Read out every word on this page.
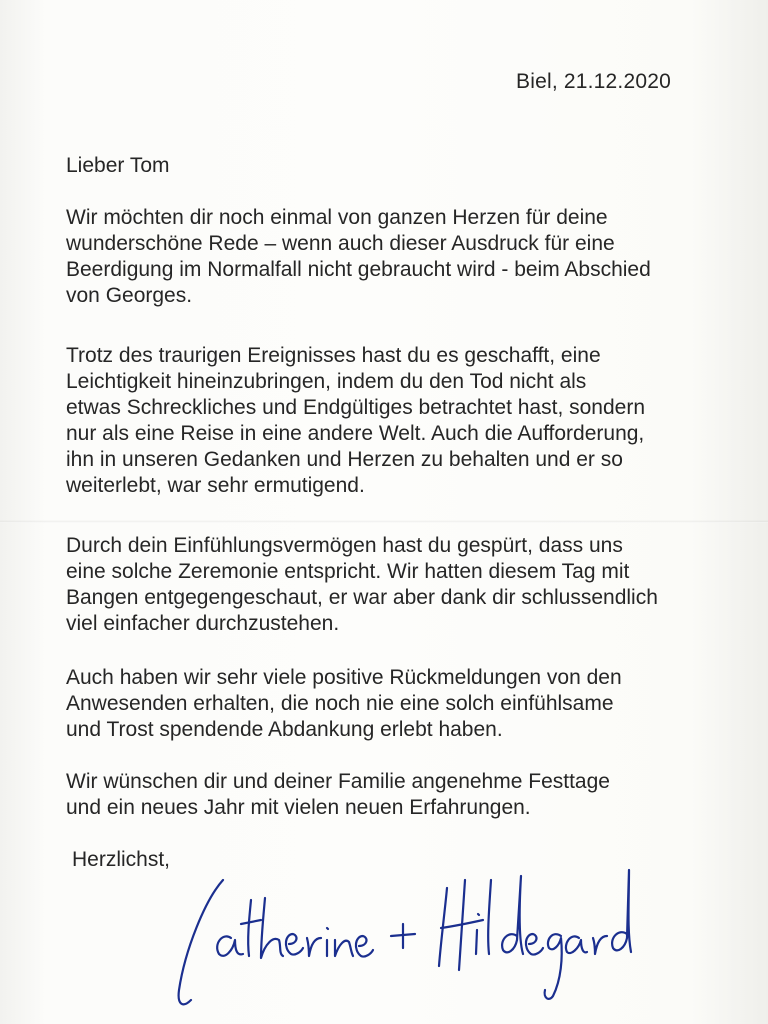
Biel, 21.12.2020
Lieber Tom
Wir möchten dir noch einmal von ganzen Herzen für deine
wunderschöne Rede – wenn auch dieser Ausdruck für eine
Beerdigung im Normalfall nicht gebraucht wird - beim Abschied
von Georges.
Trotz des traurigen Ereignisses hast du es geschafft, eine
Leichtigkeit hineinzubringen, indem du den Tod nicht als
etwas Schreckliches und Endgültiges betrachtet hast, sondern
nur als eine Reise in eine andere Welt. Auch die Aufforderung,
ihn in unseren Gedanken und Herzen zu behalten und er so
weiterlebt, war sehr ermutigend.
Durch dein Einfühlungsvermögen hast du gespürt, dass uns
eine solche Zeremonie entspricht. Wir hatten diesem Tag mit
Bangen entgegengeschaut, er war aber dank dir schlussendlich
viel einfacher durchzustehen.
Auch haben wir sehr viele positive Rückmeldungen von den
Anwesenden erhalten, die noch nie eine solch einfühlsame
und Trost spendende Abdankung erlebt haben.
Wir wünschen dir und deiner Familie angenehme Festtage
und ein neues Jahr mit vielen neuen Erfahrungen.
Herzlichst,
